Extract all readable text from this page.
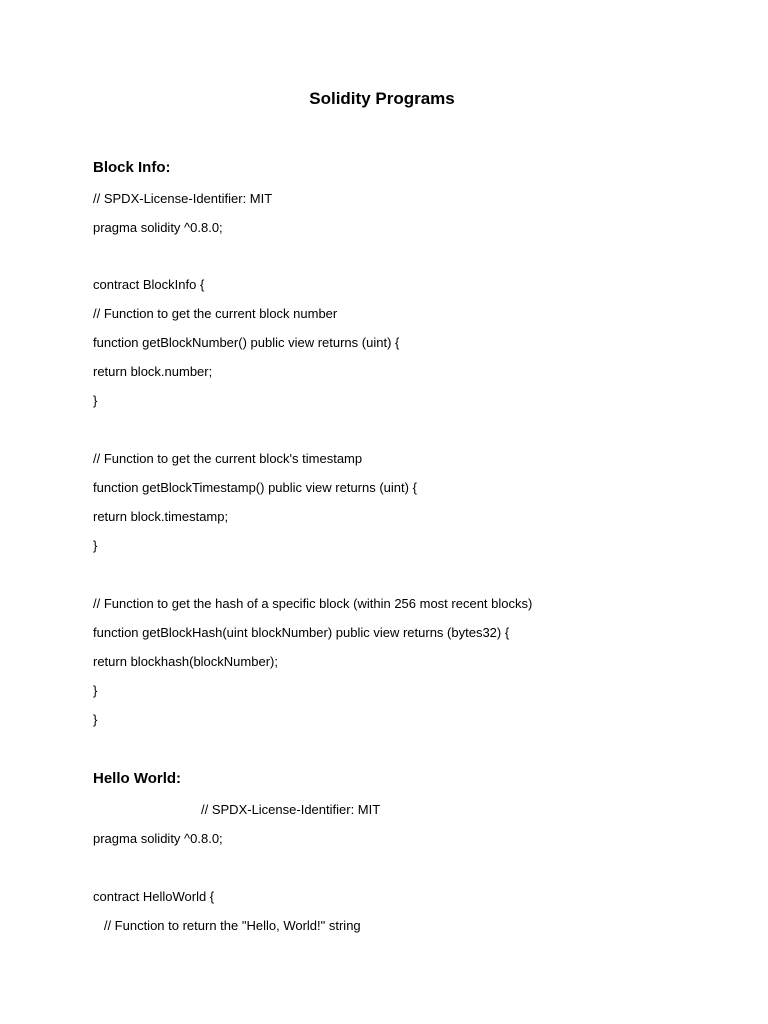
Solidity Programs
Block Info:
// SPDX-License-Identifier: MIT
pragma solidity ^0.8.0;
contract BlockInfo {
// Function to get the current block number
function getBlockNumber() public view returns (uint) {
return block.number;
}
// Function to get the current block's timestamp
function getBlockTimestamp() public view returns (uint) {
return block.timestamp;
}
// Function to get the hash of a specific block (within 256 most recent blocks)
function getBlockHash(uint blockNumber) public view returns (bytes32) {
return blockhash(blockNumber);
}
}
Hello World:
// SPDX-License-Identifier: MIT
pragma solidity ^0.8.0;
contract HelloWorld {
// Function to return the "Hello, World!" string
